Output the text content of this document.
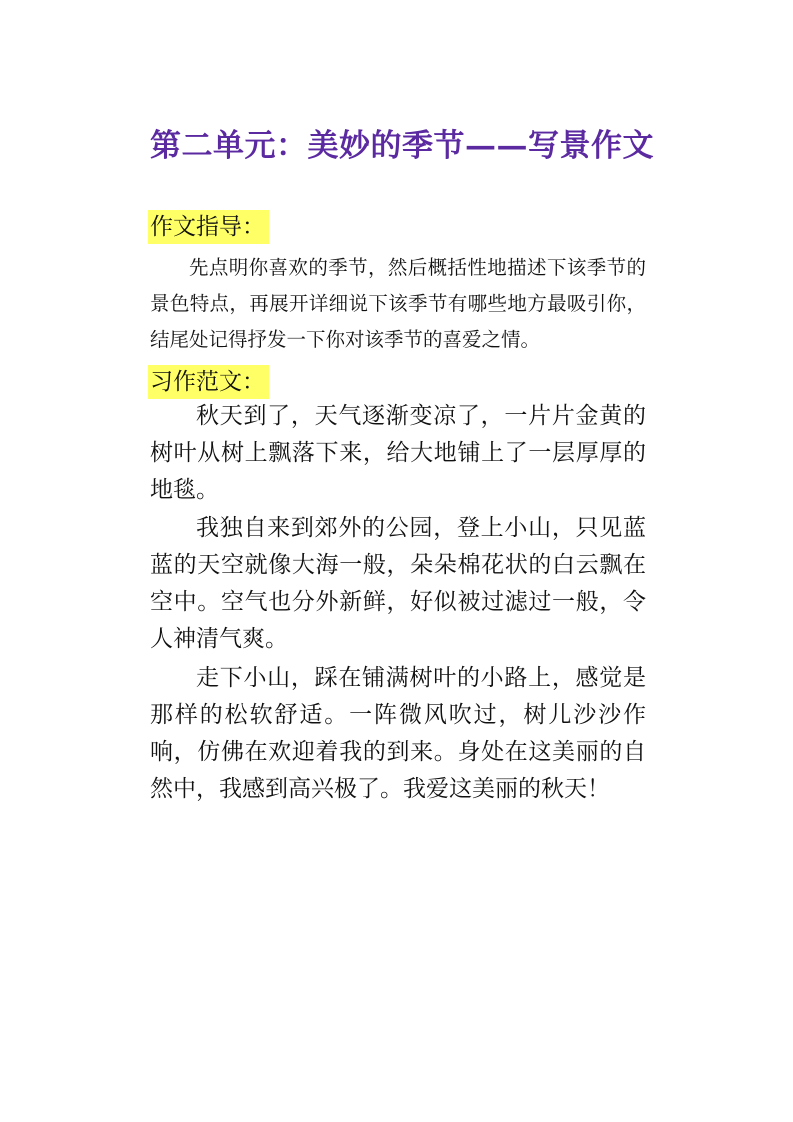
第二单元：美妙的季节——写景作文
作文指导：

先点明你喜欢的季节，然后概括性地描述下该季节的景色特点，再展开详细说下该季节有哪些地方最吸引你，结尾处记得抒发一下你对该季节的喜爱之情。

习作范文：

秋天到了，天气逐渐变凉了，一片片金黄的树叶从树上飘落下来，给大地铺上了一层厚厚的地毯。

我独自来到郊外的公园，登上小山，只见蓝蓝的天空就像大海一般，朵朵棉花状的白云飘在空中。空气也分外新鲜，好似被过滤过一般，令人神清气爽。

走下小山，踩在铺满树叶的小路上，感觉是那样的松软舒适。一阵微风吹过，树儿沙沙作响，仿佛在欢迎着我的到来。身处在这美丽的自然中，我感到高兴极了。我爱这美丽的秋天！
